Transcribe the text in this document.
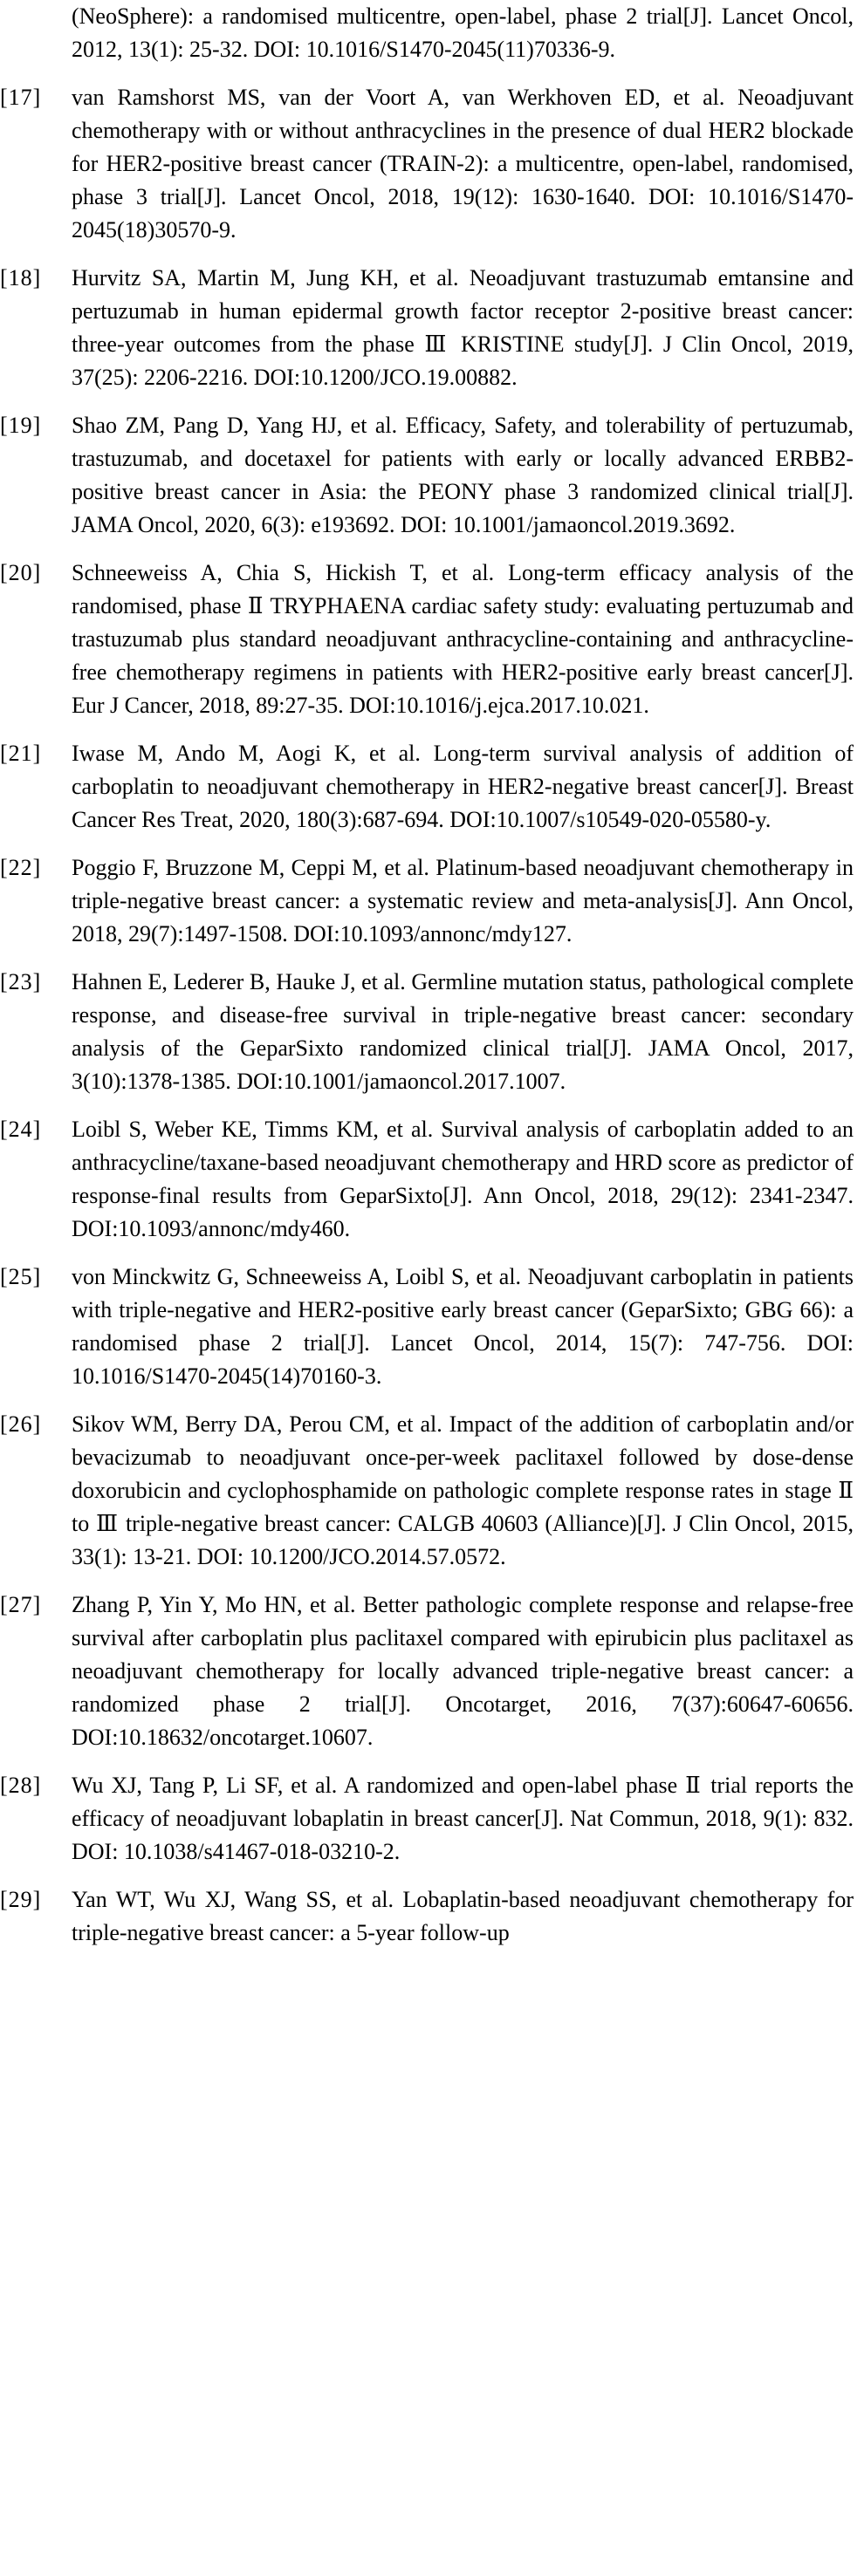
(NeoSphere): a randomised multicentre, open-label, phase 2 trial[J]. Lancet Oncol, 2012, 13(1): 25-32. DOI: 10.1016/S1470-2045(11)70336-9.
[17]	van Ramshorst MS, van der Voort A, van Werkhoven ED, et al. Neoadjuvant chemotherapy with or without anthracyclines in the presence of dual HER2 blockade for HER2-positive breast cancer (TRAIN-2): a multicentre, open-label, randomised, phase 3 trial[J]. Lancet Oncol, 2018, 19(12): 1630-1640. DOI: 10.1016/S1470-2045(18)30570-9.
[18]	Hurvitz SA, Martin M, Jung KH, et al. Neoadjuvant trastuzumab emtansine and pertuzumab in human epidermal growth factor receptor 2-positive breast cancer: three-year outcomes from the phase Ⅲ KRISTINE study[J]. J Clin Oncol, 2019, 37(25): 2206-2216. DOI:10.1200/JCO.19.00882.
[19]	Shao ZM, Pang D, Yang HJ, et al. Efficacy, Safety, and tolerability of pertuzumab, trastuzumab, and docetaxel for patients with early or locally advanced ERBB2-positive breast cancer in Asia: the PEONY phase 3 randomized clinical trial[J]. JAMA Oncol, 2020, 6(3): e193692. DOI: 10.1001/jamaoncol.2019.3692.
[20]	Schneeweiss A, Chia S, Hickish T, et al. Long-term efficacy analysis of the randomised, phase Ⅱ TRYPHAENA cardiac safety study: evaluating pertuzumab and trastuzumab plus standard neoadjuvant anthracycline-containing and anthracycline-free chemotherapy regimens in patients with HER2-positive early breast cancer[J]. Eur J Cancer, 2018, 89:27-35. DOI:10.1016/j.ejca.2017.10.021.
[21]	Iwase M, Ando M, Aogi K, et al. Long-term survival analysis of addition of carboplatin to neoadjuvant chemotherapy in HER2-negative breast cancer[J]. Breast Cancer Res Treat, 2020, 180(3):687-694. DOI:10.1007/s10549-020-05580-y.
[22]	Poggio F, Bruzzone M, Ceppi M, et al. Platinum-based neoadjuvant chemotherapy in triple-negative breast cancer: a systematic review and meta-analysis[J]. Ann Oncol, 2018, 29(7):1497-1508. DOI:10.1093/annonc/mdy127.
[23]	Hahnen E, Lederer B, Hauke J, et al. Germline mutation status, pathological complete response, and disease-free survival in triple-negative breast cancer: secondary analysis of the GeparSixto randomized clinical trial[J]. JAMA Oncol, 2017, 3(10):1378-1385. DOI:10.1001/jamaoncol.2017.1007.
[24]	Loibl S, Weber KE, Timms KM, et al. Survival analysis of carboplatin added to an anthracycline/taxane-based neoadjuvant chemotherapy and HRD score as predictor of response-final results from GeparSixto[J]. Ann Oncol, 2018, 29(12): 2341-2347. DOI:10.1093/annonc/mdy460.
[25]	von Minckwitz G, Schneeweiss A, Loibl S, et al. Neoadjuvant carboplatin in patients with triple-negative and HER2-positive early breast cancer (GeparSixto; GBG 66): a randomised phase 2 trial[J]. Lancet Oncol, 2014, 15(7): 747-756. DOI: 10.1016/S1470-2045(14)70160-3.
[26]	Sikov WM, Berry DA, Perou CM, et al. Impact of the addition of carboplatin and/or bevacizumab to neoadjuvant once-per-week paclitaxel followed by dose-dense doxorubicin and cyclophosphamide on pathologic complete response rates in stage Ⅱ to Ⅲ triple-negative breast cancer: CALGB 40603 (Alliance)[J]. J Clin Oncol, 2015, 33(1): 13-21. DOI: 10.1200/JCO.2014.57.0572.
[27]	Zhang P, Yin Y, Mo HN, et al. Better pathologic complete response and relapse-free survival after carboplatin plus paclitaxel compared with epirubicin plus paclitaxel as neoadjuvant chemotherapy for locally advanced triple-negative breast cancer: a randomized phase 2 trial[J]. Oncotarget, 2016, 7(37):60647-60656. DOI:10.18632/oncotarget.10607.
[28]	Wu XJ, Tang P, Li SF, et al. A randomized and open-label phase Ⅱ trial reports the efficacy of neoadjuvant lobaplatin in breast cancer[J]. Nat Commun, 2018, 9(1): 832. DOI: 10.1038/s41467-018-03210-2.
[29]	Yan WT, Wu XJ, Wang SS, et al. Lobaplatin-based neoadjuvant chemotherapy for triple-negative breast cancer: a 5-year follow-up
